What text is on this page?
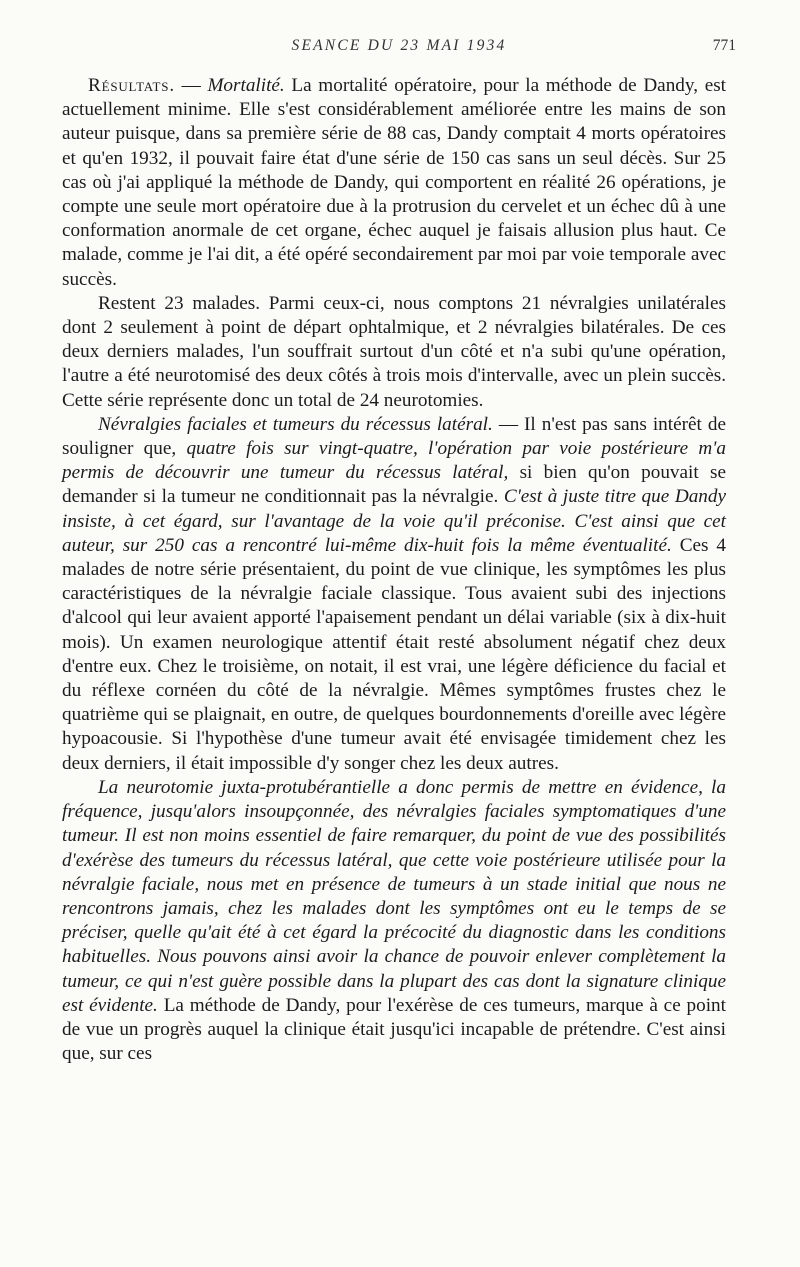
SEANCE DU 23 MAI 1934	771

Résultats. — Mortalité. La mortalité opératoire, pour la méthode de Dandy, est actuellement minime. Elle s'est considérablement améliorée entre les mains de son auteur puisque, dans sa première série de 88 cas, Dandy comptait 4 morts opératoires et qu'en 1932, il pouvait faire état d'une série de 150 cas sans un seul décès. Sur 25 cas où j'ai appliqué la méthode de Dandy, qui comportent en réalité 26 opérations, je compte une seule mort opératoire due à la protrusion du cervelet et un échec dû à une conformation anormale de cet organe, échec auquel je faisais allusion plus haut. Ce malade, comme je l'ai dit, a été opéré secondairement par moi par voie temporale avec succès.

Restent 23 malades. Parmi ceux-ci, nous comptons 21 névralgies unilatérales dont 2 seulement à point de départ ophtalmique, et 2 névralgies bilatérales. De ces deux derniers malades, l'un souffrait surtout d'un côté et n'a subi qu'une opération, l'autre a été neurotomisé des deux côtés à trois mois d'intervalle, avec un plein succès. Cette série représente donc un total de 24 neurotomies.

Névralgies faciales et tumeurs du récessus latéral. — Il n'est pas sans intérêt de souligner que, quatre fois sur vingt-quatre, l'opération par voie postérieure m'a permis de découvrir une tumeur du récessus latéral, si bien qu'on pouvait se demander si la tumeur ne conditionnait pas la névralgie. C'est à juste titre que Dandy insiste, à cet égard, sur l'avantage de la voie qu'il préconise. C'est ainsi que cet auteur, sur 250 cas a rencontré lui-même dix-huit fois la même éventualité. Ces 4 malades de notre série présentaient, du point de vue clinique, les symptômes les plus caractéristiques de la névralgie faciale classique. Tous avaient subi des injections d'alcool qui leur avaient apporté l'apaisement pendant un délai variable (six à dix-huit mois). Un examen neurologique attentif était resté absolument négatif chez deux d'entre eux. Chez le troisième, on notait, il est vrai, une légère déficience du facial et du réflexe cornéen du côté de la névralgie. Mêmes symptômes frustes chez le quatrième qui se plaignait, en outre, de quelques bourdonnements d'oreille avec légère hypoacousie. Si l'hypothèse d'une tumeur avait été envisagée timidement chez les deux derniers, il était impossible d'y songer chez les deux autres.

La neurotomie juxta-protubérantielle a donc permis de mettre en évidence, la fréquence, jusqu'alors insoupçonnée, des névralgies faciales symptomatiques d'une tumeur. Il est non moins essentiel de faire remarquer, du point de vue des possibilités d'exérèse des tumeurs du récessus latéral, que cette voie postérieure utilisée pour la névralgie faciale, nous met en présence de tumeurs à un stade initial que nous ne rencontrons jamais, chez les malades dont les symptômes ont eu le temps de se préciser, quelle qu'ait été à cet égard la précocité du diagnostic dans les conditions habituelles. Nous pouvons ainsi avoir la chance de pouvoir enlever complètement la tumeur, ce qui n'est guère possible dans la plupart des cas dont la signature clinique est évidente. La méthode de Dandy, pour l'exérèse de ces tumeurs, marque à ce point de vue un progrès auquel la clinique était jusqu'ici incapable de prétendre. C'est ainsi que, sur ces
